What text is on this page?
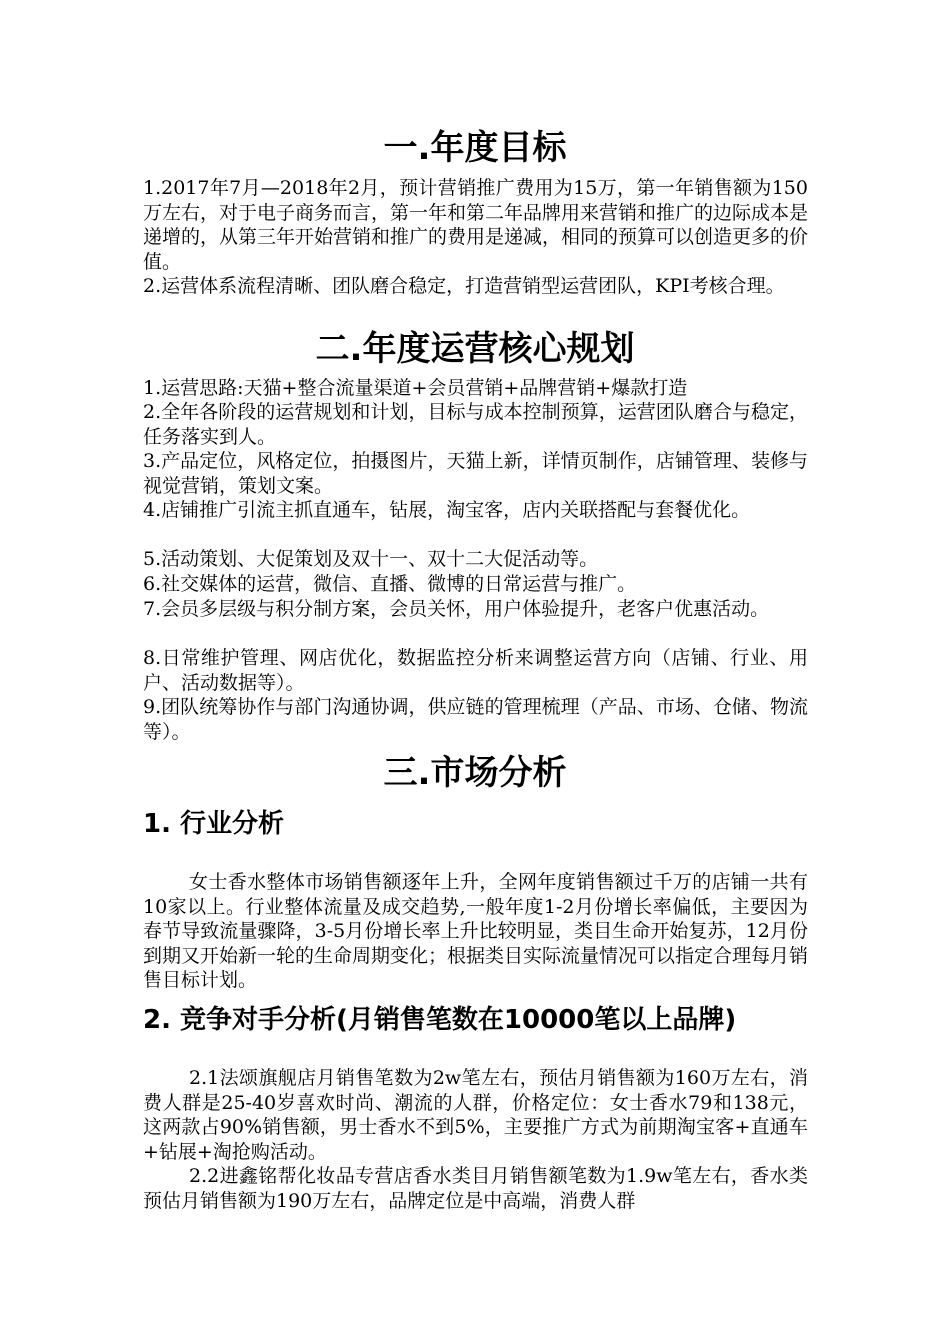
一.年度目标

1.2017年7月—2018年2月，预计营销推广费用为15万，第一年销售额为150万左右，对于电子商务而言，第一年和第二年品牌用来营销和推广的边际成本是递增的，从第三年开始营销和推广的费用是递减，相同的预算可以创造更多的价值。

2.运营体系流程清晰、团队磨合稳定，打造营销型运营团队，KPI考核合理。

二.年度运营核心规划

1.运营思路:天猫+整合流量渠道+会员营销+品牌营销+爆款打造

2.全年各阶段的运营规划和计划，目标与成本控制预算，运营团队磨合与稳定，任务落实到人。

3.产品定位，风格定位，拍摄图片，天猫上新，详情页制作，店铺管理、装修与视觉营销，策划文案。

4.店铺推广引流主抓直通车，钻展，淘宝客，店内关联搭配与套餐优化。

5.活动策划、大促策划及双十一、双十二大促活动等。

6.社交媒体的运营，微信、直播、微博的日常运营与推广。

7.会员多层级与积分制方案，会员关怀，用户体验提升，老客户优惠活动。

8.日常维护管理、网店优化，数据监控分析来调整运营方向（店铺、行业、用户、活动数据等）。

9.团队统筹协作与部门沟通协调，供应链的管理梳理（产品、市场、仓储、物流等）。

三.市场分析
1. 行业分析

女士香水整体市场销售额逐年上升，全网年度销售额过千万的店铺一共有10家以上。行业整体流量及成交趋势,一般年度1-2月份增长率偏低，主要因为春节导致流量骤降，3-5月份增长率上升比较明显，类目生命开始复苏，12月份到期又开始新一轮的生命周期变化；根据类目实际流量情况可以指定合理每月销售目标计划。

2. 竞争对手分析(月销售笔数在10000笔以上品牌)

2.1法颂旗舰店月销售笔数为2w笔左右，预估月销售额为160万左右，消费人群是25-40岁喜欢时尚、潮流的人群，价格定位：女士香水79和138元，这两款占90%销售额，男士香水不到5%，主要推广方式为前期淘宝客+直通车+钻展+淘抢购活动。

2.2进鑫铭帮化妆品专营店香水类目月销售额笔数为1.9w笔左右，香水类预估月销售额为190万左右，品牌定位是中高端，消费人群
